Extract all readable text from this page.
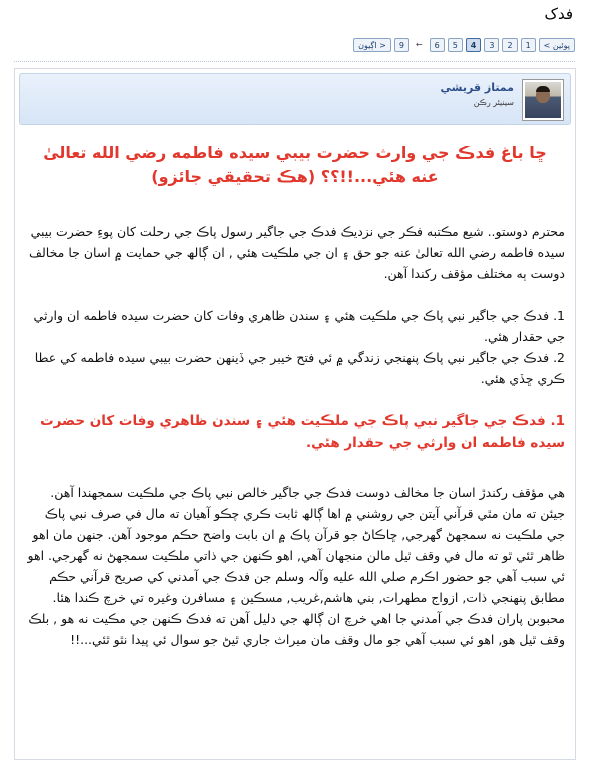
فدک
< پوئين
1
2
3
4
5
6
←
9
اڳيون >
ممتاز قريشي
سينيئر رڪن
ڇا باغ فدڪ جي وارث حضرت بيبي سيده فاطمه رضي الله تعالیٰ عنه هئي...!!؟؟ (هڪ تحقيقي جائزو)
محترم دوستو.. شيع مڪتبه فڪر جي نزديڪ فدڪ جي جاگير رسول پاڪ جي رحلت کان پوءِ حضرت بيبي سيده فاطمه رضي الله تعالیٰ عنه جو حق ۽ ان جي ملڪيت هئي , ان ڳالھ جي حمايت ۾ اسان جا مخالف دوست ٻه مختلف مؤقف رکندا آهن.
1. فدڪ جي جاگير نبي پاڪ جي ملڪيت هئي ۽ سندن ظاهري وفات کان حضرت سيده فاطمه ان وارثي جي حقدار هئي.
2. فدڪ جي جاگير نبي پاڪ پنھنجي زندگي ۾ ئي فتح خيبر جي ڏينھن حضرت بيبي سيده فاطمه کي عطا ڪري ڇڏي هئي.
1. فدڪ جي جاگير نبي پاڪ جي ملڪيت هئي ۽ سندن ظاهري وفات کان حضرت سيده فاطمه ان وارثي جي حقدار هئي.
هي مؤقف رکندڙ اسان جا مخالف دوست فدڪ جي جاگير خالص نبي پاڪ جي ملڪيت سمجهندا آهن. جيئن ته مان مٿي قرآني آيتن جي روشني ۾ اها ڳالھ ثابت ڪري چڪو آهيان ته مال في صرف نبي پاڪ جي ملڪيت نه سمجهڻ گهرجي, ڇاڪاڻ جو قرآن پاڪ ۾ ان بابت واضح حڪم موجود آهن. جنهن مان اهو ظاهر ٿئي ٿو ته مال في وقف ٿيل مالن منجهان آهي, اهو ڪنهن جي ذاتي ملڪيت سمجهڻ نه گهرجي. اهو ئي سبب آهي جو حضور اڪرم صلي الله عليه وآلہ وسلم جن فدڪ جي آمدني کي صريح قرآني حڪم مطابق پنھنجي ذات, ازواج مطهرات, بني هاشم,غريب, مسڪين ۽ مسافرن وغيره تي خرچ ڪندا هئا. محبوبن پاران فدڪ جي آمدني جا اهي خرچ ان ڳالھ جي دليل آهن ته فدڪ ڪنهن جي مڪيت نه هو , بلڪ وقف ٿيل هو, اهو ئي سبب آهي جو مال وقف مان ميراث جاري ٿيڻ جو سوال ئي پيدا نٿو ٿئي...!!
